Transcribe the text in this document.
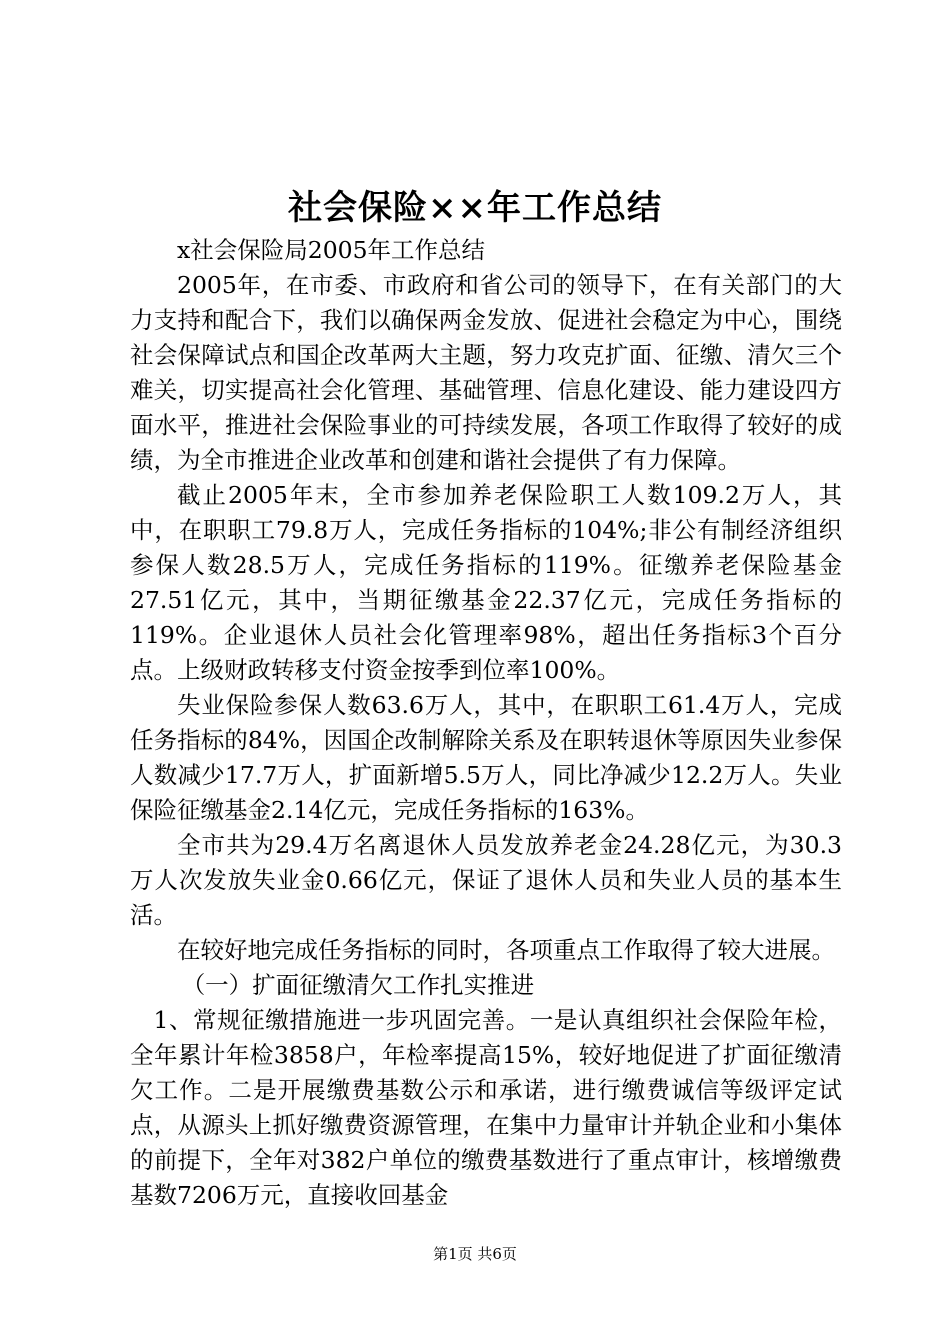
社会保险××年工作总结

x社会保险局2005年工作总结

2005年，在市委、市政府和省公司的领导下，在有关部门的大力支持和配合下，我们以确保两金发放、促进社会稳定为中心，围绕社会保障试点和国企改革两大主题，努力攻克扩面、征缴、清欠三个难关，切实提高社会化管理、基础管理、信息化建设、能力建设四方面水平，推进社会保险事业的可持续发展，各项工作取得了较好的成绩，为全市推进企业改革和创建和谐社会提供了有力保障。

截止2005年末，全市参加养老保险职工人数109.2万人，其中，在职职工79.8万人，完成任务指标的104%;非公有制经济组织参保人数28.5万人，完成任务指标的119%。征缴养老保险基金27.51亿元，其中，当期征缴基金22.37亿元，完成任务指标的119%。企业退休人员社会化管理率98%，超出任务指标3个百分点。上级财政转移支付资金按季到位率100%。

失业保险参保人数63.6万人，其中，在职职工61.4万人，完成任务指标的84%，因国企改制解除关系及在职转退休等原因失业参保人数减少17.7万人，扩面新增5.5万人，同比净减少12.2万人。失业保险征缴基金2.14亿元，完成任务指标的163%。

全市共为29.4万名离退休人员发放养老金24.28亿元，为30.3万人次发放失业金0.66亿元，保证了退休人员和失业人员的基本生活。

在较好地完成任务指标的同时，各项重点工作取得了较大进展。

（一）扩面征缴清欠工作扎实推进

1、常规征缴措施进一步巩固完善。一是认真组织社会保险年检，全年累计年检3858户，年检率提高15%，较好地促进了扩面征缴清欠工作。二是开展缴费基数公示和承诺，进行缴费诚信等级评定试点，从源头上抓好缴费资源管理，在集中力量审计并轨企业和小集体的前提下，全年对382户单位的缴费基数进行了重点审计，核增缴费基数7206万元，直接收回基金

第1页 共6页
